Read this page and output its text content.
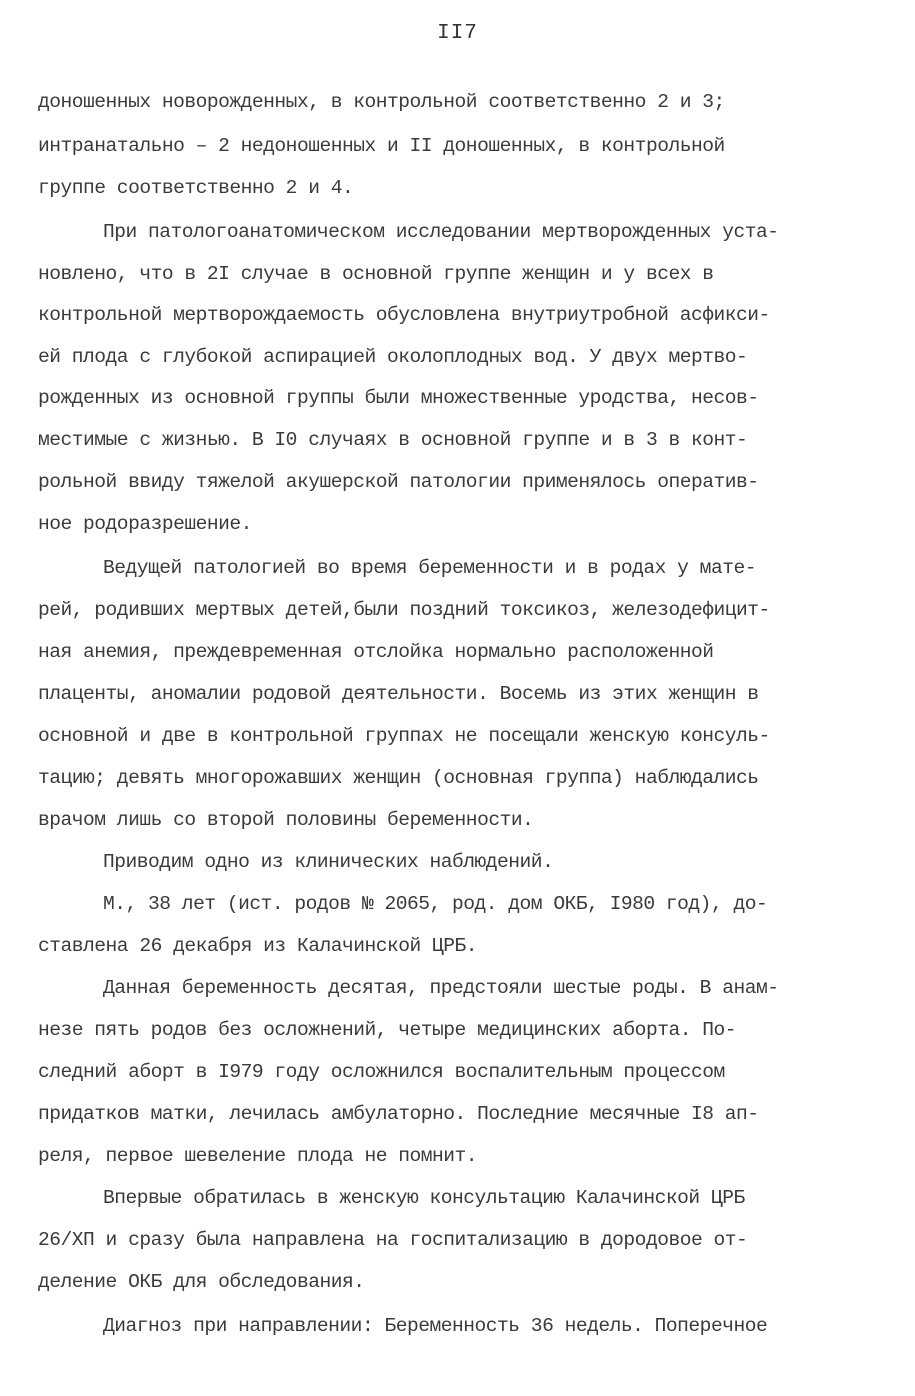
II7
доношенных новорожденных, в контрольной соответственно 2 и 3;
интранатально – 2 недоношенных и II доношенных, в контрольной
группе соответственно 2 и 4.
При патологоанатомическом исследовании мертворожденных уста-
новлено, что в 2I случае в основной группе женщин и у всех в
контрольной мертворождаемость обусловлена внутриутробной асфикси-
ей плода с глубокой аспирацией околоплодных вод. У двух мертво-
рожденных из основной группы были множественные уродства, несов-
местимые с жизнью. В I0 случаях в основной группе и в 3 в конт-
рольной ввиду тяжелой акушерской патологии применялось оператив-
ное родоразрешение.
Ведущей патологией во время беременности и в родах у мате-
рей, родивших мертвых детей,были поздний токсикоз, железодефицит-
ная анемия, преждевременная отслойка нормально расположенной
плаценты, аномалии родовой деятельности. Восемь из этих женщин в
основной и две в контрольной группах не посещали женскую консуль-
тацию; девять многорожавших женщин (основная группа) наблюдались
врачом лишь со второй половины беременности.
Приводим одно из клинических наблюдений.
М., 38 лет (ист. родов № 2065, род. дом ОКБ, I980 год), до-
ставлена 26 декабря из Калачинской ЦРБ.
Данная беременность десятая, предстояли шестые роды. В анам-
незе пять родов без осложнений, четыре медицинских аборта. По-
следний аборт в I979 году осложнился воспалительным процессом
придатков матки, лечилась амбулаторно. Последние месячные I8 ап-
реля, первое шевеление плода не помнит.
Впервые обратилась в женскую консультацию Калачинской ЦРБ
26/ХП и сразу была направлена на госпитализацию в дородовое от-
деление ОКБ для обследования.
Диагноз при направлении: Беременность 36 недель. Поперечное
